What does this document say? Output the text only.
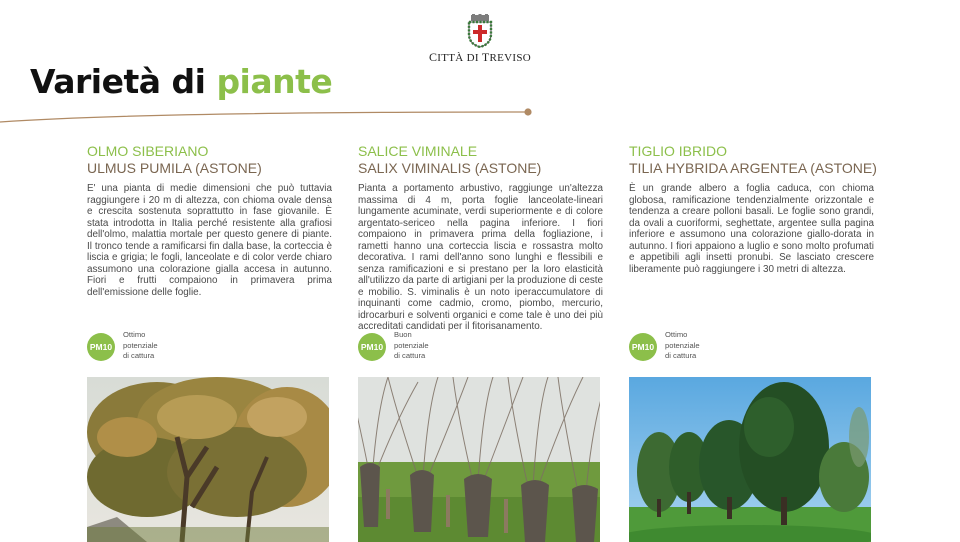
CITTÀ DI TREVISO
Varietà di piante

OLMO SIBERIANO

ULMUS PUMILA (ASTONE)

E' una pianta di medie dimensioni che può tuttavia raggiungere i 20 m di altezza, con chioma ovale densa e crescita sostenuta soprattutto in fase giovanile. È stata introdotta in Italia perché resistente alla grafiosi dell'olmo, malattia mortale per questo genere di piante. Il tronco tende a ramificarsi fin dalla base, la corteccia è liscia e grigia; le fogli, lanceolate e di color verde chiaro assumono una colorazione gialla accesa in autunno. Fiori e frutti compaiono in primavera prima dell'emissione delle foglie.

PM10
Ottimo
potenziale
di cattura

SALICE VIMINALE

SALIX VIMINALIS (ASTONE)

Pianta a portamento arbustivo, raggiunge un'altezza massima di 4 m, porta foglie lanceolate-lineari lungamente acuminate, verdi superiormente e di colore argentato-sericeo nella pagina inferiore. I fiori compaiono in primavera prima della fogliazione, i rametti hanno una corteccia liscia e rossastra molto decorativa. I rami dell'anno sono lunghi e flessibili e senza ramificazioni e si prestano per la loro elasticità all'utilizzo da parte di artigiani per la produzione di ceste e mobilio. S. viminalis è un noto iperaccumulatore di inquinanti come cadmio, cromo, piombo, mercurio, idrocarburi e solventi organici e come tale è uno dei più accreditati candidati per il fitorisanamento.

PM10
Buon
potenziale
di cattura

TIGLIO IBRIDO

TILIA HYBRIDA ARGENTEA (ASTONE)

È un grande albero a foglia caduca, con chioma globosa, ramificazione tendenzialmente orizzontale e tendenza a creare polloni basali. Le foglie sono grandi, da ovali a cuoriformi, seghettate, argentee sulla pagina inferiore e assumono una colorazione giallo-dorata in autunno. I fiori appaiono a luglio e sono molto profumati e appetibili agli insetti pronubi. Se lasciato crescere liberamente può raggiungere i 30 metri di altezza.

PM10
Ottimo
potenziale
di cattura
